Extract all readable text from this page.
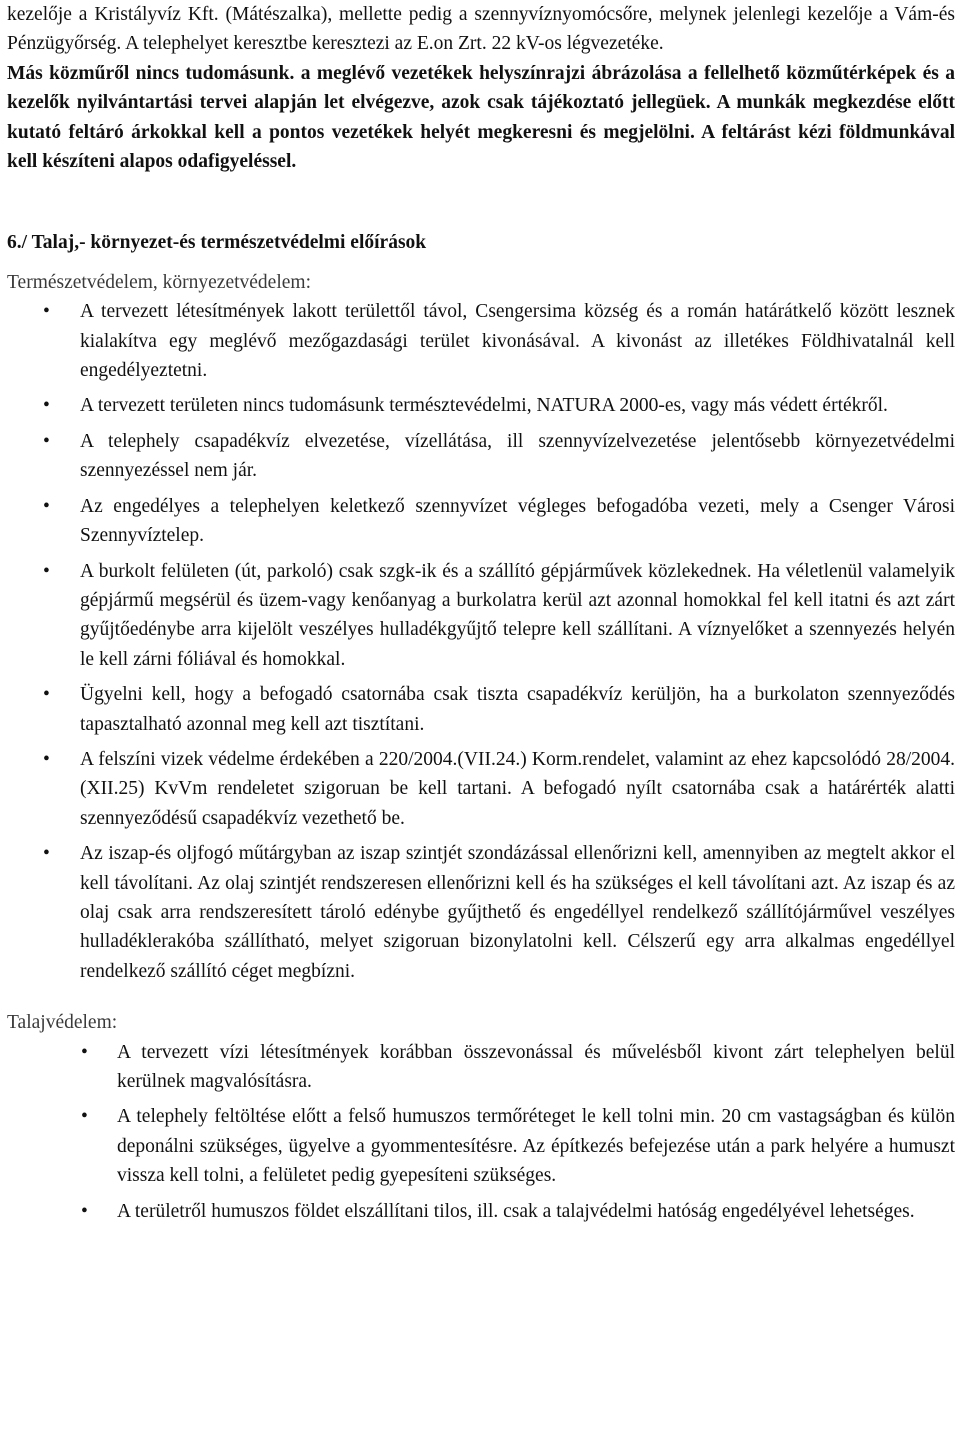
kezelője a Kristályvíz Kft. (Mátészalka), mellette pedig a szennyvíznyomócsőre, melynek jelenlegi kezelője a Vám-és Pénzügyőrség. A telephelyet keresztbe keresztezi az E.on Zrt. 22 kV-os légvezetéke.

Más közműről nincs tudomásunk. a meglévő vezetékek helyszínrajzi ábrázolása a fellelhető közműtérképek és a kezelők nyilvántartási tervei alapján let elvégezve, azok csak tájékoztató jellegüek. A munkák megkezdése előtt kutató feltáró árkokkal kell a pontos vezetékek helyét megkeresni és megjelölni. A feltárást kézi földmunkával kell készíteni alapos odafigyeléssel.

6./ Talaj,- környezet-és természetvédelmi előírások

Természetvédelem, környezetvédelem:

• A tervezett létesítmények lakott területtől távol, Csengersima község és a román határátkelő között lesznek kialakítva egy meglévő mezőgazdasági terület kivonásával. A kivonást az illetékes Földhivatalnál kell engedélyeztetni.
• A tervezett területen nincs tudomásunk természtevédelmi, NATURA 2000-es, vagy más védett értékről.
• A telephely csapadékvíz elvezetése, vízellátása, ill szennyvízelvezetése jelentősebb környezetvédelmi szennyezéssel nem jár.
• Az engedélyes a telephelyen keletkező szennyvízet végleges befogadóba vezeti, mely a Csenger Városi Szennyvíztelep.
• A burkolt felületen (út, parkoló) csak szgk-ik és a szállító gépjárművek közlekednek. Ha véletlenül valamelyik gépjármű megsérül és üzem-vagy kenőanyag a burkolatra kerül azt azonnal homokkal fel kell itatni és azt zárt gyűjtőedénybe arra kijelölt veszélyes hulladékgyűjtő telepre kell szállítani. A víznyelőket a szennyezés helyén le kell zárni fóliával és homokkal.
• Ügyelni kell, hogy a befogadó csatornába csak tiszta csapadékvíz kerüljön, ha a burkolaton szennyeződés tapasztalható azonnal meg kell azt tisztítani.
• A felszíni vizek védelme érdekében a 220/2004.(VII.24.) Korm.rendelet, valamint az ehez kapcsolódó 28/2004.(XII.25) KvVm rendeletet szigoruan be kell tartani. A befogadó nyílt csatornába csak a határérték alatti szennyeződésű csapadékvíz vezethető be.
• Az iszap-és oljfogó műtárgyban az iszap szintjét szondázással ellenőrizni kell, amennyiben az megtelt akkor el kell távolítani. Az olaj szintjét rendszeresen ellenőrizni kell és ha szükséges el kell távolítani azt. Az iszap és az olaj csak arra rendszeresített tároló edénybe gyűjthető és engedéllyel rendelkező szállítójárművel veszélyes hulladéklerakóba szállítható, melyet szigoruan bizonylatolni kell. Célszerű egy arra alkalmas engedéllyel rendelkező szállító céget megbízni.

Talajvédelem:

• A tervezett vízi létesítmények korábban összevonással és művelésből kivont zárt telephelyen belül kerülnek magvalósításra.
• A telephely feltöltése előtt a felső humuszos termőréteget le kell tolni min. 20 cm vastagságban és külön deponálni szükséges, ügyelve a gyommentesítésre. Az építkezés befejezése után a park helyére a humuszt vissza kell tolni, a felületet pedig gyepesíteni szükséges.
• A területről humuszos földet elszállítani tilos, ill. csak a talajvédelmi hatóság engedélyével lehetséges.
